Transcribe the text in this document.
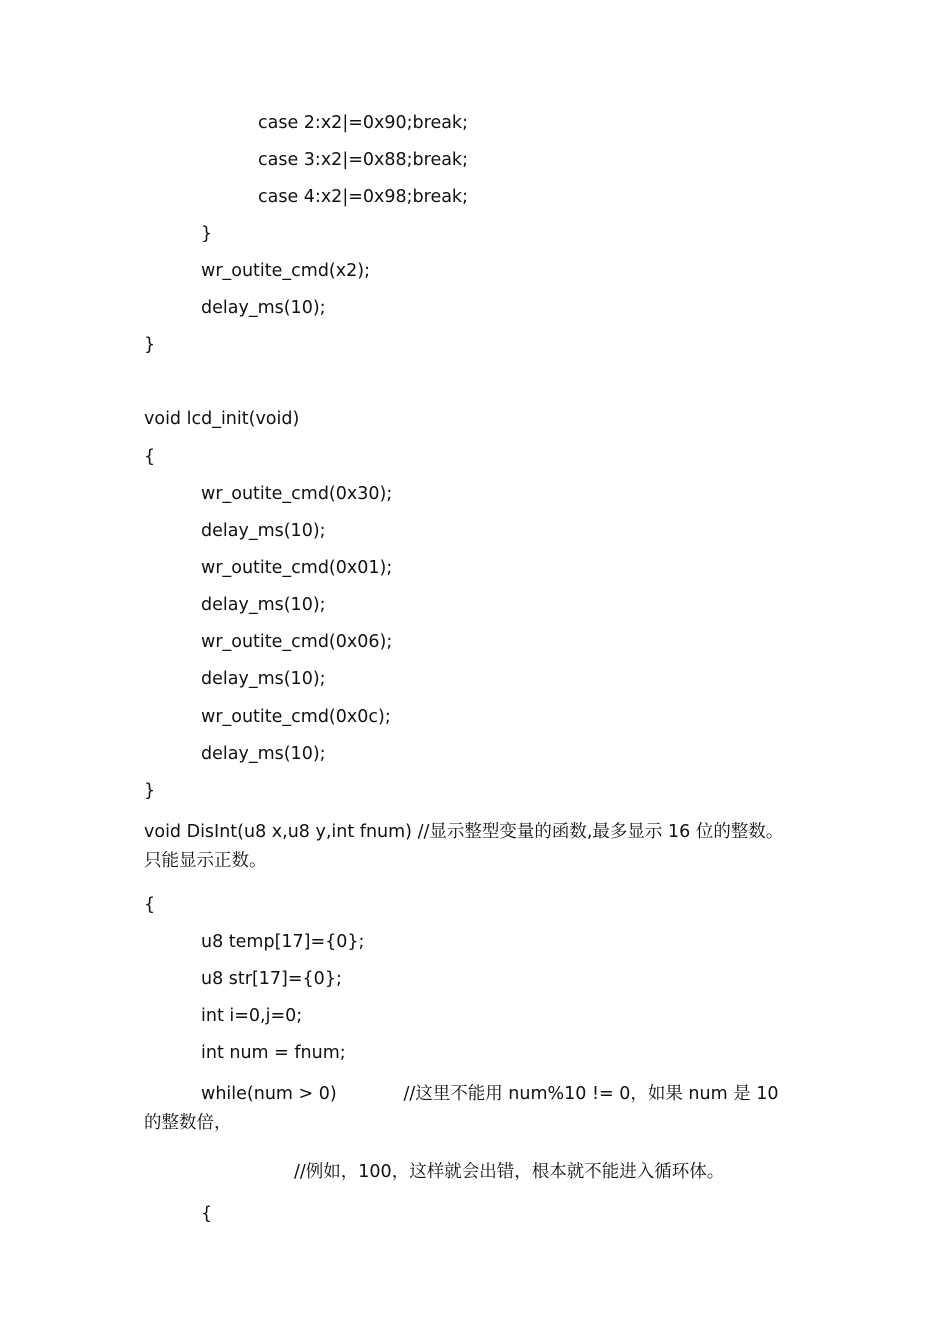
case 2:x2|=0x90;break;
case 3:x2|=0x88;break;
case 4:x2|=0x98;break;
}
wr_outite_cmd(x2);
delay_ms(10);
}
void lcd_init(void)
{
wr_outite_cmd(0x30);
delay_ms(10);
wr_outite_cmd(0x01);
delay_ms(10);
wr_outite_cmd(0x06);
delay_ms(10);
wr_outite_cmd(0x0c);
delay_ms(10);
}
void DisInt(u8 x,u8 y,int fnum) //显示整型变量的函数,最多显示 16 位的整数。只能显示正数。
{
u8 temp[17]={0};
u8 str[17]={0};
int i=0,j=0;
int num = fnum;
while(num > 0)            //这里不能用 num%10 != 0，如果 num 是 10 的整数倍，
//例如，100，这样就会出错，根本就不能进入循环体。
{
